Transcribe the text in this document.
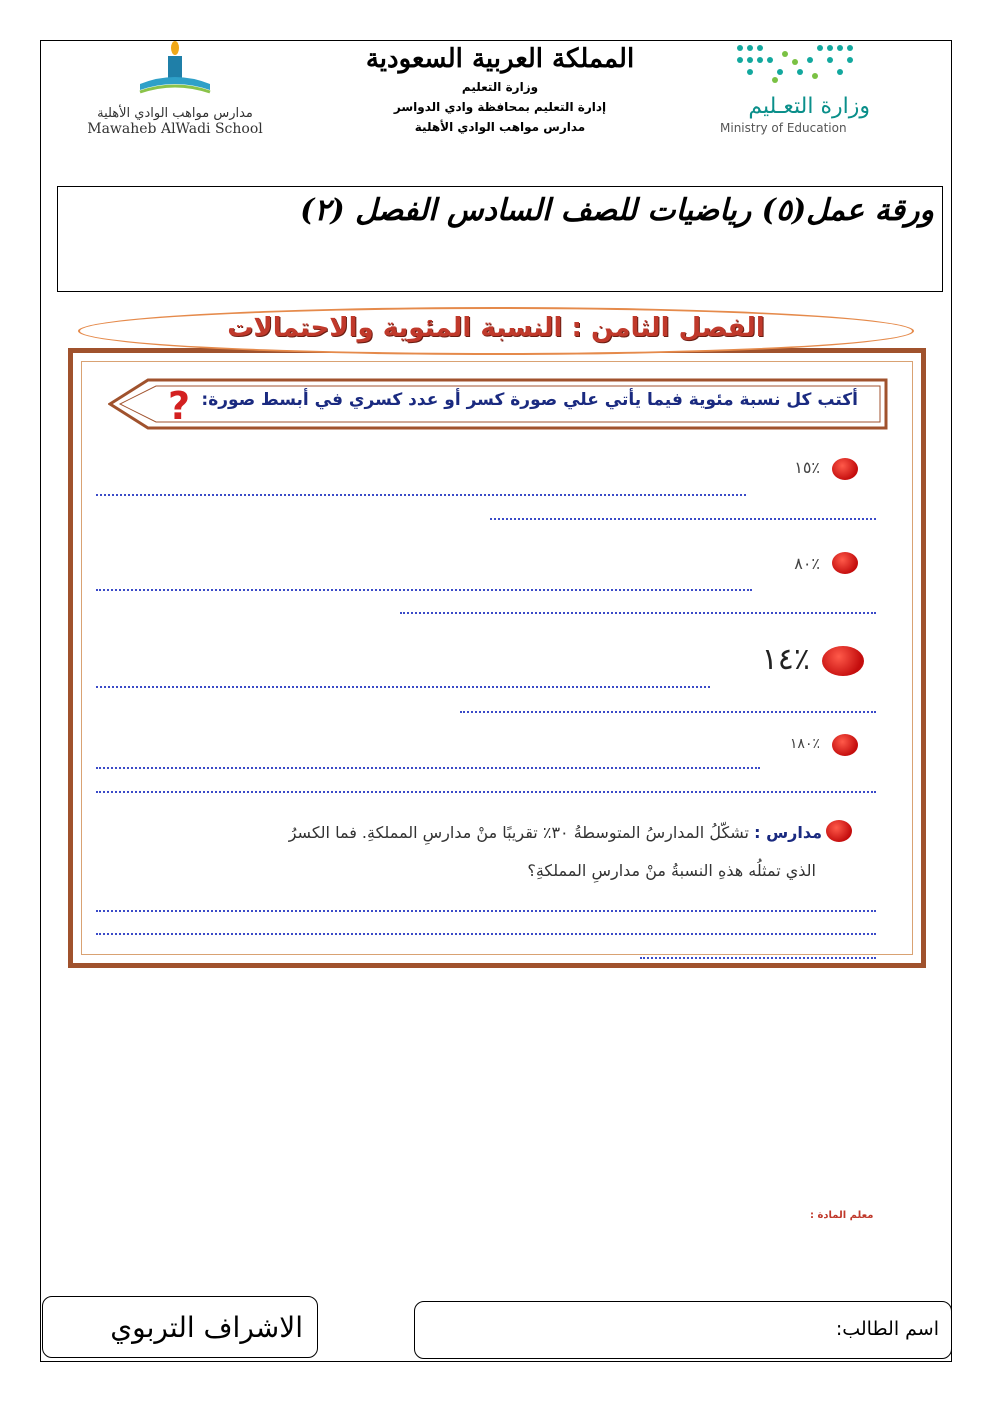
مدارس مواهب الوادي الأهلية
Mawaheb AlWadi School
المملكة العربية السعودية
وزارة التعليم
إدارة التعليم بمحافظة وادي الدواسر
مدارس مواهب الوادي الأهلية
وزارة التعـليم
Ministry of Education
ورقة عمل(٥) رياضيات للصف السادس الفصل (٢)
الفصل الثامن : النسبة المئوية والاحتمالات
? أكتب كل نسبة مئوية فيما يأتي علي صورة كسر أو عدد كسري في أبسط صورة:
٪١٥
٪٨٠
٪١٤
٪١٨٠
مدارس : تشكّلُ المدارسُ المتوسطةُ ٣٠٪ تقريبًا منْ مدارسِ المملكةِ. فما الكسرُ
الذي تمثلُه هذهِ النسبةُ منْ مدارسِ المملكةِ؟
معلم المادة :
اسم الطالب:
الاشراف التربوي
